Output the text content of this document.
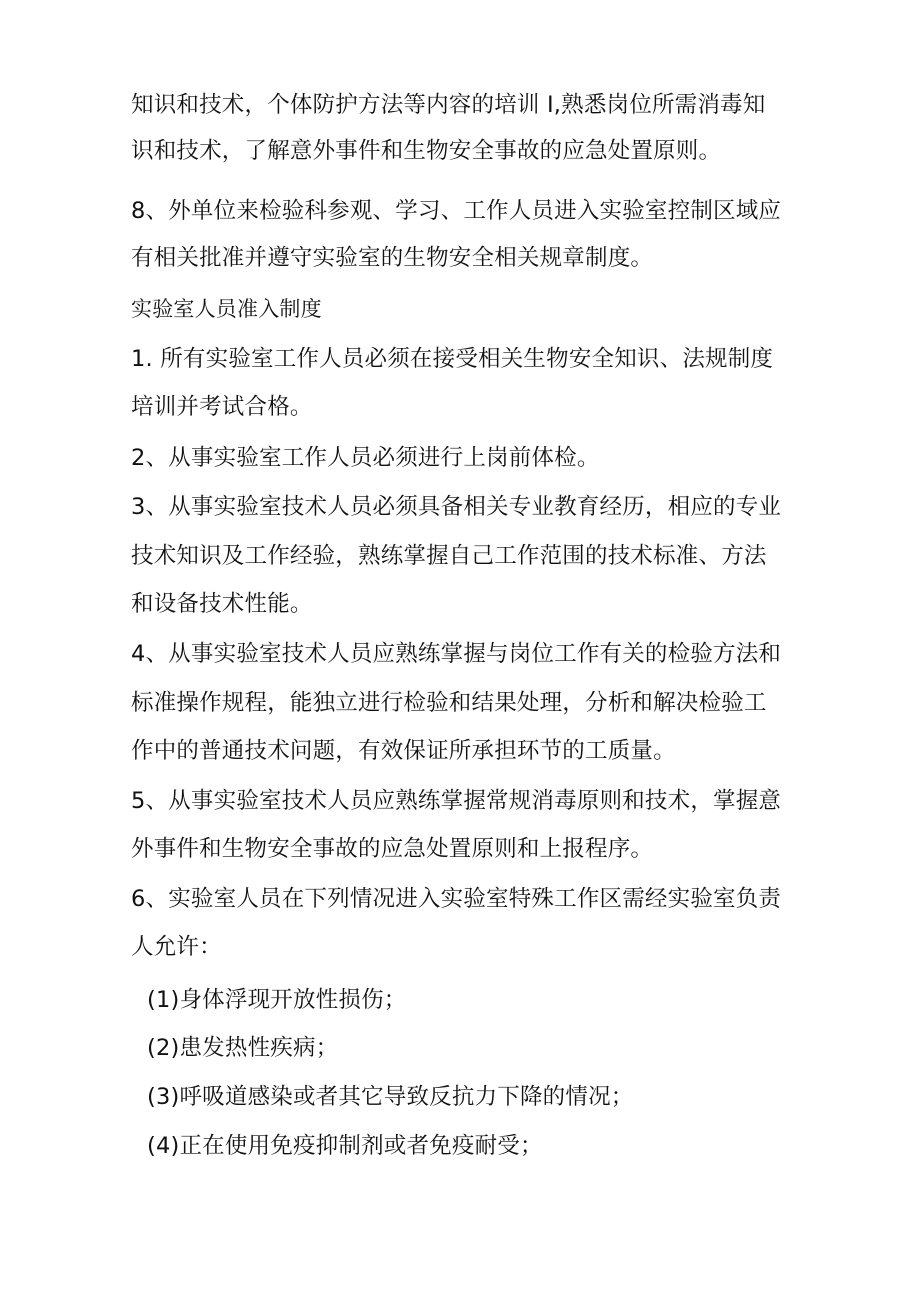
知识和技术，个体防护方法等内容的培训 I,熟悉岗位所需消毒知
识和技术，了解意外事件和生物安全事故的应急处置原则。
8、外单位来检验科参观、学习、工作人员进入实验室控制区域应
有相关批准并遵守实验室的生物安全相关规章制度。
实验室人员准入制度
1. 所有实验室工作人员必须在接受相关生物安全知识、法规制度
培训并考试合格。
2、从事实验室工作人员必须进行上岗前体检。
3、从事实验室技术人员必须具备相关专业教育经历，相应的专业
技术知识及工作经验，熟练掌握自己工作范围的技术标准、方法
和设备技术性能。
4、从事实验室技术人员应熟练掌握与岗位工作有关的检验方法和
标准操作规程，能独立进行检验和结果处理，分析和解决检验工
作中的普通技术问题，有效保证所承担环节的工质量。
5、从事实验室技术人员应熟练掌握常规消毒原则和技术，掌握意
外事件和生物安全事故的应急处置原则和上报程序。
6、实验室人员在下列情况进入实验室特殊工作区需经实验室负责
人允许：
(1)身体浮现开放性损伤；
(2)患发热性疾病；
(3)呼吸道感染或者其它导致反抗力下降的情况；
(4)正在使用免疫抑制剂或者免疫耐受；
